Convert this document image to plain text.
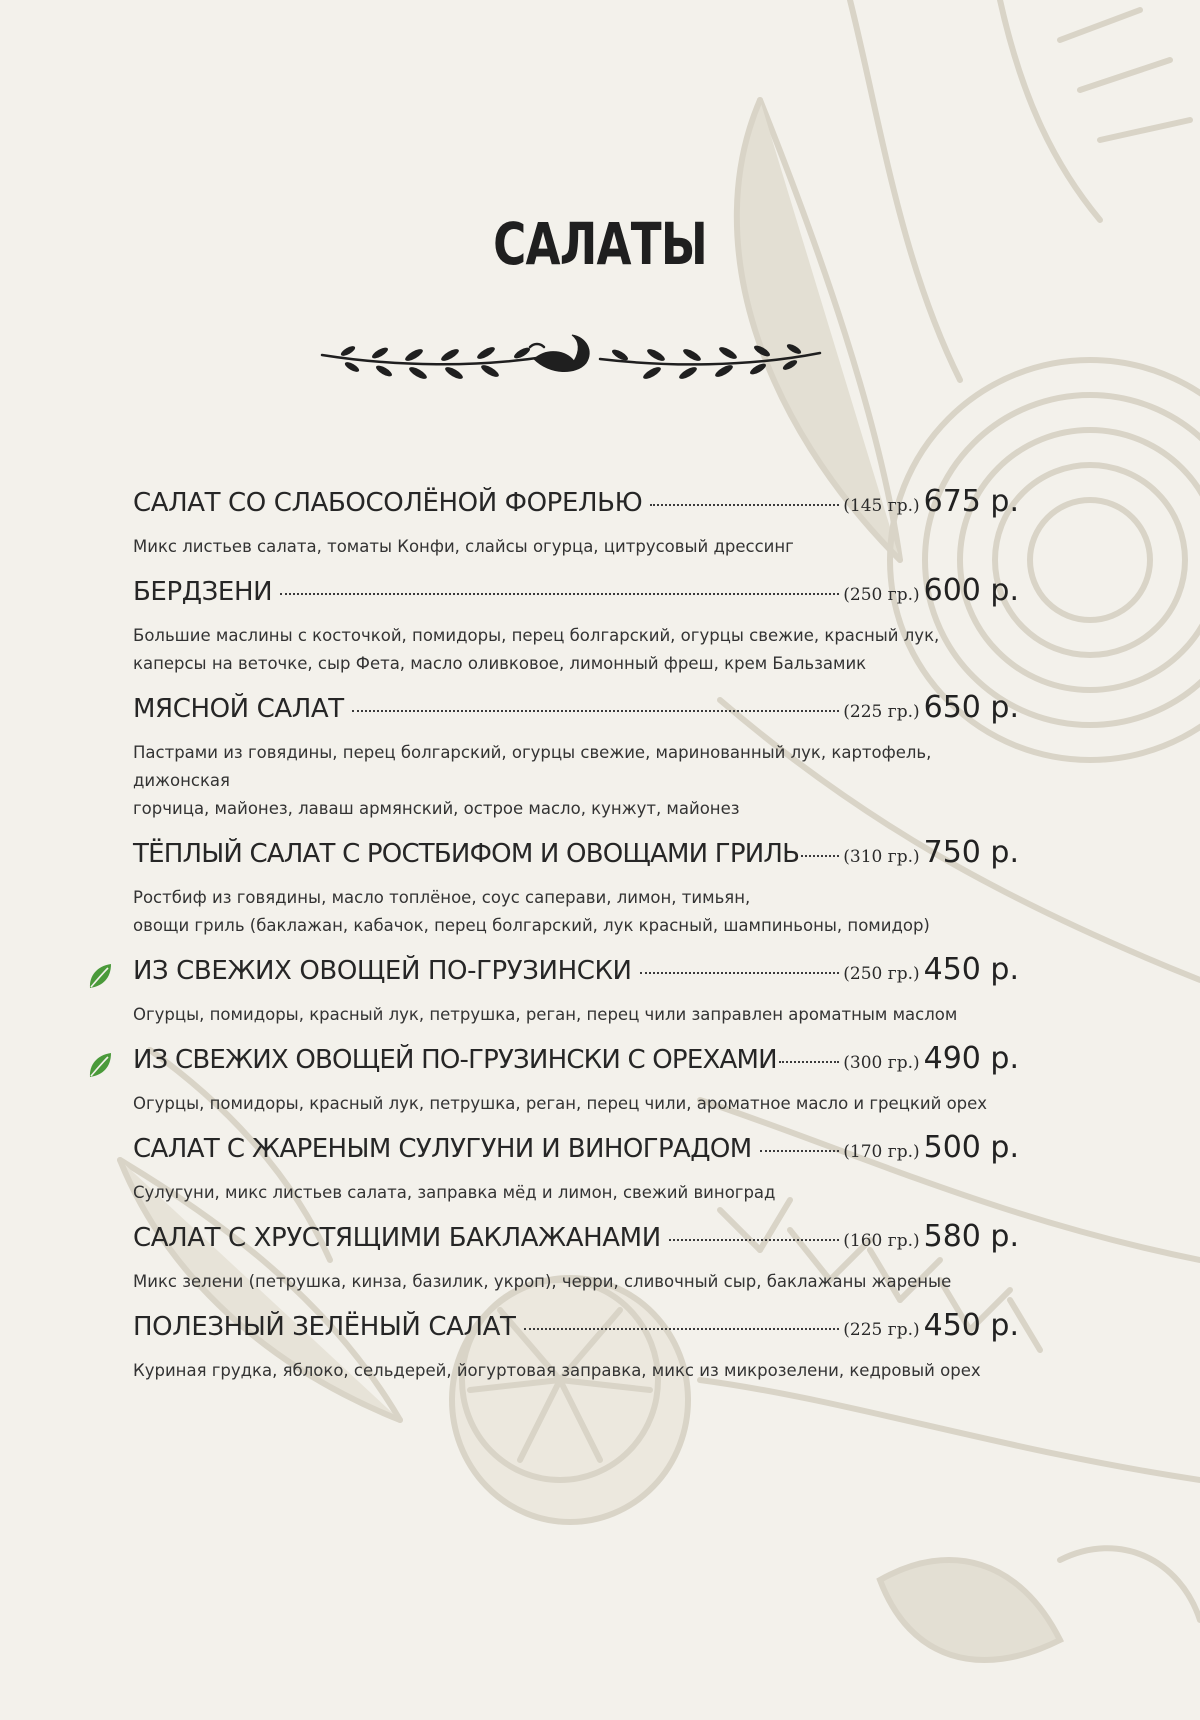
САЛАТЫ
САЛАТ СО СЛАБОСОЛЁНОЙ ФОРЕЛЬЮ	(145 гр.) 675 р.
Микс листьев салата, томаты Конфи, слайсы огурца, цитрусовый дрессинг
БЕРДЗЕНИ	(250 гр.) 600 р.
Большие маслины с косточкой, помидоры, перец болгарский, огурцы свежие, красный лук,
каперсы на веточке, сыр Фета, масло оливковое, лимонный фреш, крем Бальзамик
МЯСНОЙ САЛАТ	(225 гр.) 650 р.
Пастрами из говядины, перец болгарский, огурцы свежие, маринованный лук, картофель, дижонская
горчица, майонез, лаваш армянский, острое масло, кунжут, майонез
ТЁПЛЫЙ САЛАТ С РОСТБИФОМ И ОВОЩАМИ ГРИЛЬ	(310 гр.) 750 р.
Ростбиф из говядины, масло топлёное, соус саперави, лимон, тимьян,
овощи гриль (баклажан, кабачок, перец болгарский, лук красный, шампиньоны, помидор)
ИЗ СВЕЖИХ ОВОЩЕЙ ПО-ГРУЗИНСКИ	(250 гр.) 450 р.
Огурцы, помидоры, красный лук, петрушка, реган, перец чили заправлен ароматным маслом
ИЗ СВЕЖИХ ОВОЩЕЙ ПО-ГРУЗИНСКИ С ОРЕХАМИ	(300 гр.) 490 р.
Огурцы, помидоры, красный лук, петрушка, реган, перец чили, ароматное масло и грецкий орех
САЛАТ С ЖАРЕНЫМ СУЛУГУНИ И ВИНОГРАДОМ	(170 гр.) 500 р.
Сулугуни, микс листьев салата, заправка мёд и лимон, свежий виноград
САЛАТ С ХРУСТЯЩИМИ БАКЛАЖАНАМИ	(160 гр.) 580 р.
Микс зелени (петрушка, кинза, базилик, укроп), черри, сливочный сыр, баклажаны жареные
ПОЛЕЗНЫЙ ЗЕЛЁНЫЙ САЛАТ	(225 гр.) 450 р.
Куриная грудка, яблоко, сельдерей, йогуртовая заправка, микс из микрозелени, кедровый орех
